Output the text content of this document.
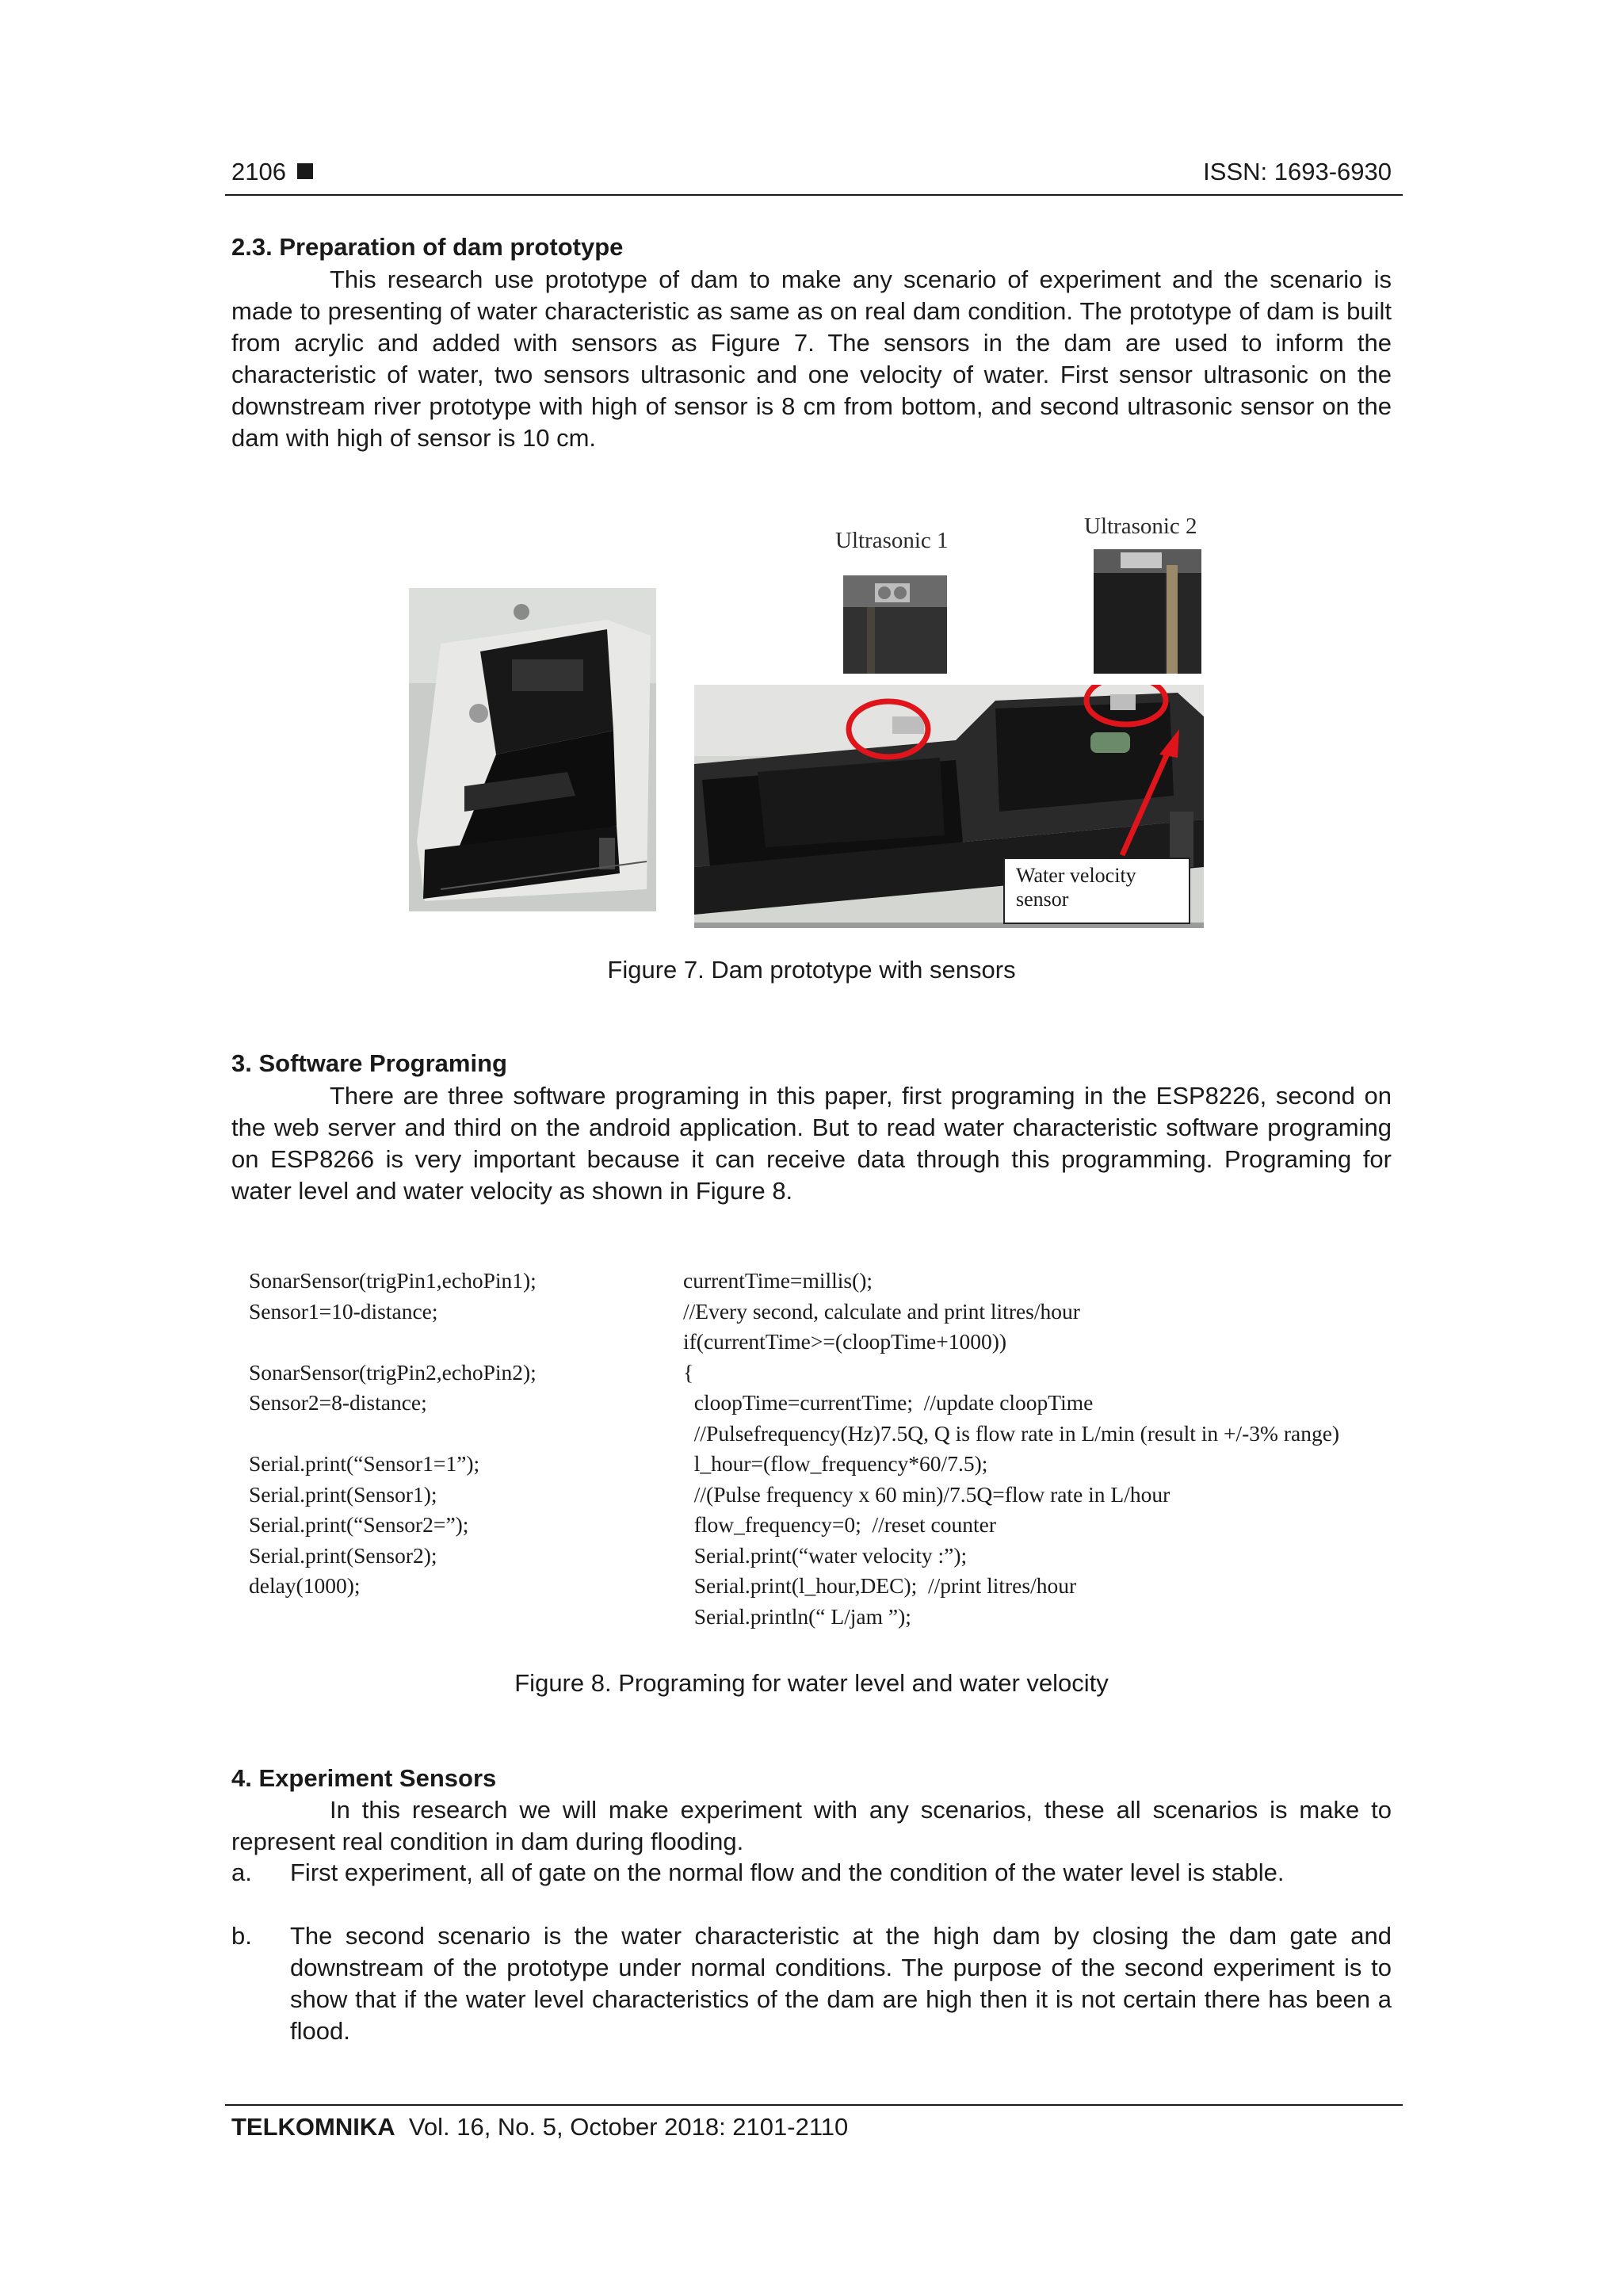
2106	ISSN: 1693-6930
2.3. Preparation of dam prototype

This research use prototype of dam to make any scenario of experiment and the scenario is made to presenting of water characteristic as same as on real dam condition. The prototype of dam is built from acrylic and added with sensors as Figure 7. The sensors in the dam are used to inform the characteristic of water, two sensors ultrasonic and one velocity of water. First sensor ultrasonic on the downstream river prototype with high of sensor is 8 cm from bottom, and second ultrasonic sensor on the dam with high of sensor is 10 cm.

Ultrasonic 1
Ultrasonic 2
Water velocity
sensor
Figure 7. Dam prototype with sensors
3. Software Programing

There are three software programing in this paper, first programing in the ESP8226, second on the web server and third on the android application. But to read water characteristic software programing on ESP8266 is very important because it can receive data through this programming. Programing for water level and water velocity as shown in Figure 8.

SonarSensor(trigPin1,echoPin1);
Sensor1=10-distance;

SonarSensor(trigPin2,echoPin2);
Sensor2=8-distance;

Serial.print(“Sensor1=1”);
Serial.print(Sensor1);
Serial.print(“Sensor2=”);
Serial.print(Sensor2);
delay(1000);
currentTime=millis();
//Every second, calculate and print litres/hour
if(currentTime>=(cloopTime+1000))
{
cloopTime=currentTime;  //update cloopTime
//Pulsefrequency(Hz)7.5Q, Q is flow rate in L/min (result in +/-3% range)
l_hour=(flow_frequency*60/7.5);
//(Pulse frequency x 60 min)/7.5Q=flow rate in L/hour
flow_frequency=0;  //reset counter
Serial.print(“water velocity :”);
Serial.print(l_hour,DEC);  //print litres/hour
Serial.println(“ L/jam ”);
Figure 8. Programing for water level and water velocity
4. Experiment Sensors

In this research we will make experiment with any scenarios, these all scenarios is make to represent real condition in dam during flooding.

a. First experiment, all of gate on the normal flow and the condition of the water level is stable.

b. The second scenario is the water characteristic at the high dam by closing the dam gate and downstream of the prototype under normal conditions. The purpose of the second experiment is to show that if the water level characteristics of the dam are high then it is not certain there has been a flood.

TELKOMNIKA Vol. 16, No. 5, October 2018: 2101-2110
